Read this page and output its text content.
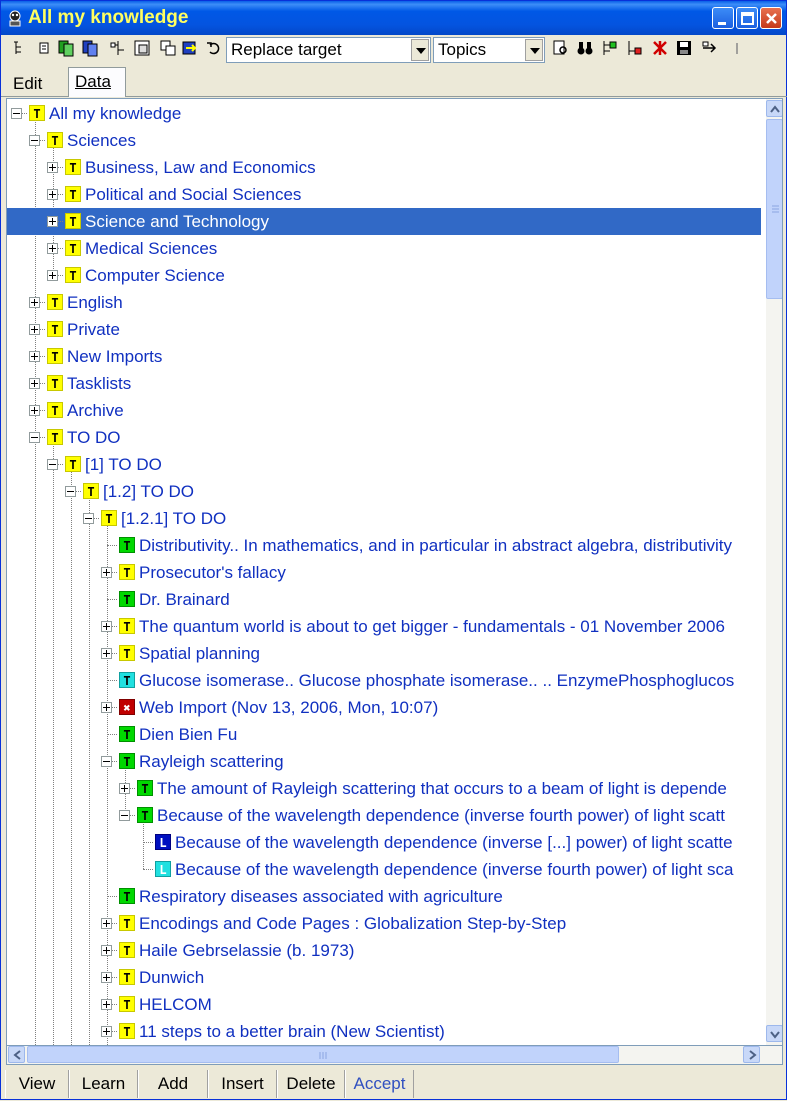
All my knowledge
Replace target	Topics
Edit	Data
T All my knowledge
T Sciences
T Business, Law and Economics
T Political and Social Sciences
T Science and Technology
T Medical Sciences
T Computer Science
T English
T Private
T New Imports
T Tasklists
T Archive
T TO DO
T [1] TO DO
T [1.2] TO DO
T [1.2.1] TO DO
T Distributivity.. In mathematics, and in particular in abstract algebra, distributivity
T Prosecutor's fallacy
T Dr. Brainard
T The quantum world is about to get bigger - fundamentals - 01 November 2006
T Spatial planning
T Glucose isomerase.. Glucose phosphate isomerase.. .. EnzymePhosphoglucos
✖ Web Import (Nov 13, 2006, Mon, 10:07)
T Dien Bien Fu
T Rayleigh scattering
T The amount of Rayleigh scattering that occurs to a beam of light is depende
T Because of the wavelength dependence (inverse fourth power) of light scatt
L Because of the wavelength dependence (inverse [...] power) of light scatte
L Because of the wavelength dependence (inverse fourth power) of light sca
T Respiratory diseases associated with agriculture
T Encodings and Code Pages : Globalization Step-by-Step
T Haile Gebrselassie (b. 1973)
T Dunwich
T HELCOM
T 11 steps to a better brain (New Scientist)
View	Learn	Add	Insert	Delete	Accept
